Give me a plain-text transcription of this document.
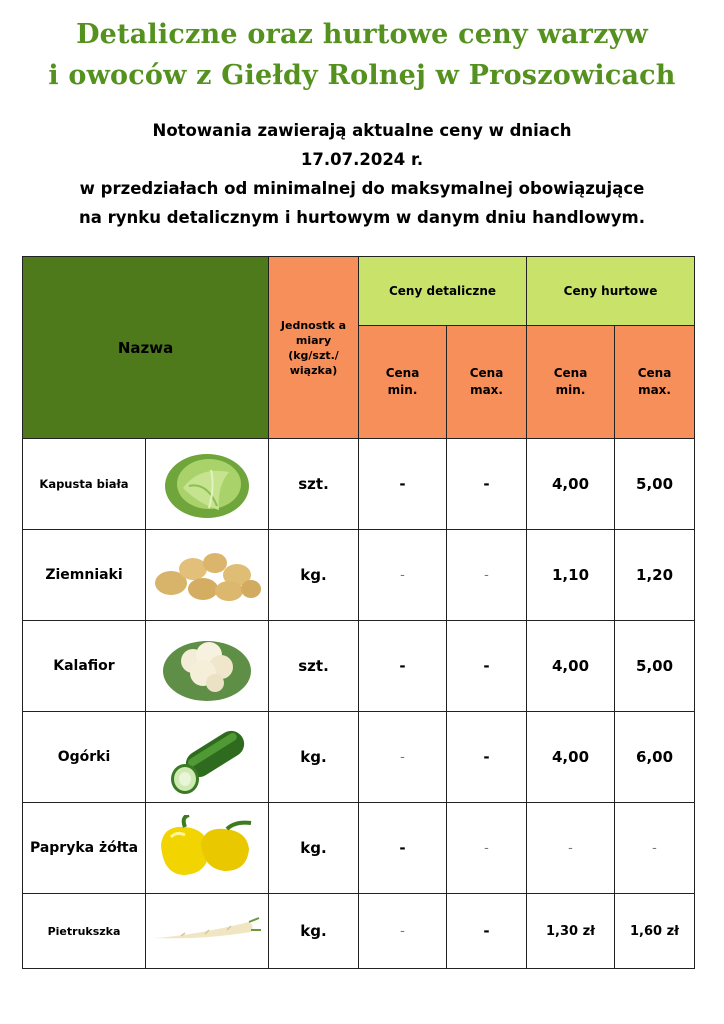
Detaliczne oraz hurtowe ceny warzyw
i owoców z Giełdy Rolnej w Proszowicach
Notowania zawierają aktualne ceny w dniach
17.07.2024 r.
w przedziałach od minimalnej do maksymalnej obowiązujące
na rynku detalicznym i hurtowym w danym dniu handlowym.
Nazwa		Jednostk a miary (kg/szt./ wiązka)	Ceny detaliczne		Ceny hurtowe	

			Cena min.	Cena max.	Cena min.	Cena max.

Kapusta biała		szt.	-	-	4,00	5,00
Ziemniaki		kg.	-	-	1,10	1,20
Kalafior		szt.	-	-	4,00	5,00
Ogórki		kg.	-	-	4,00	6,00
Papryka żółta		kg.	-	-	-	-
Pietrukszka		kg.	-	-	1,30 zł	1,60 zł
